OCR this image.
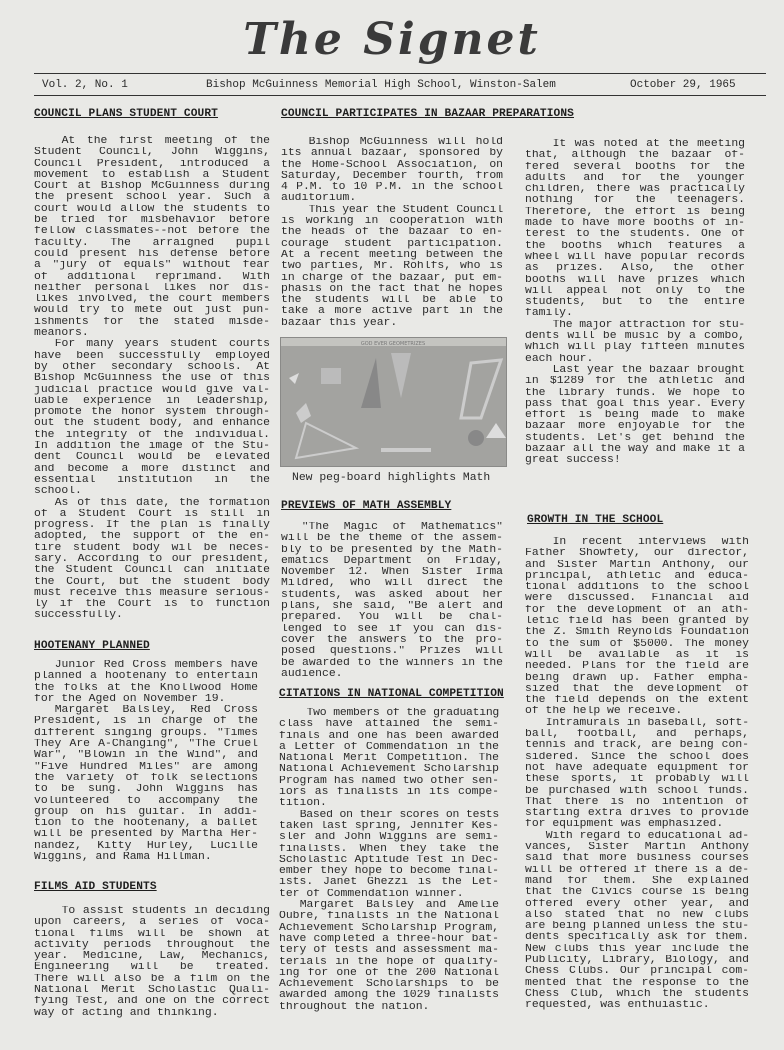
The Signet
Vol. 2, No. 1	Bishop McGuinness Memorial High School, Winston-Salem	October 29, 1965
COUNCIL PLANS STUDENT COURT
At the first meeting of the
Student Council, John Wiggins,
Council President, introduced a
movement to establish a Student
Court at Bishop McGuinness during
the present school year. Such a
court would allow the students to
be tried for misbehavior before
fellow classmates--not before the
faculty. The arraigned pupil
could present his defense before
a "jury of equals" without fear
of additional reprimand. With
neither personal likes nor dis-
likes involved, the court members
would try to mete out just pun-
ishments for the stated misde-
meanors.
For many years student courts
have been successfully employed
by other secondary schools. At
Bishop McGuinness the use of this
judicial practice would give val-
uable experience in leadership,
promote the honor system through-
out the student body, and enhance
the integrity of the individual.
In addition the image of the Stu-
dent Council would be elevated
and become a more distinct and
essential institution in the
school.
As of this date, the formation
of a Student Court is still in
progress. If the plan is finally
adopted, the support of the en-
tire student body wil be neces-
sary. According to our president,
the Student Council can initiate
the Court, but the student body
must receive this measure serious-
ly if the Court is to function
successfully.
HOOTENANY PLANNED
Junior Red Cross members have
planned a hootenany to entertain
the folks at the Knollwood Home
for the Aged on November 19.
Margaret Balsley, Red Cross
President, is in charge of the
different singing groups. "Times
They Are A-Changing", "The Cruel
War", "Blowin in the Wind", and
"Five Hundred Miles" are among
the variety of folk selections
to be sung. John Wiggins has
volunteered to accompany the
group on his guitar. In addi-
tion to the hootenany, a ballet
will be presented by Martha Her-
nandez, Kitty Hurley, Lucille
Wiggins, and Rama Hillman.
FILMS AID STUDENTS
To assist students in deciding
upon careers, a series of voca-
tional films will be shown at
activity periods throughout the
year. Medicine, Law, Mechanics,
Engineering will be treated.
There will also be a film on the
National Merit Scholastic Quali-
fying Test, and one on the correct
way of acting and thinking.
COUNCIL PARTICIPATES IN BAZAAR PREPARATIONS
Bishop McGuinness will hold
its annual bazaar, sponsored by
the Home-School Association, on
Saturday, December fourth, from
4 P.M. to 10 P.M. in the school
auditorium.
This year the Student Council
is working in cooperation with
the heads of the bazaar to en-
courage student participation.
At a recent meeting between the
two parties, Mr. Rohlfs, who is
in charge of the bazaar, put em-
phasis on the fact that he hopes
the students will be able to
take a more active part in the
bazaar this year.
GOD EVER GEOMETRIZES
New peg-board highlights Math
PREVIEWS OF MATH ASSEMBLY
"The Magic of Mathematics"
will be the theme of the assem-
bly to be presented by the Math-
ematics Department on Friday,
November 12. When Sister Irma
Mildred, who will direct the
students, was asked about her
plans, she said, "Be alert and
prepared. You will be chal-
lenged to see if you can dis-
cover the answers to the pro-
posed questions." Prizes will
be awarded to the winners in the
audience.
CITATIONS IN NATIONAL COMPETITION
Two members of the graduating
class have attained the semi-
finals and one has been awarded
a Letter of Commendation in the
National Merit Competition. The
National Achievement Scholarship
Program has named two other sen-
iors as finalists in its compe-
tition.
Based on their scores on tests
taken last spring, Jennifer Kes-
sler and John Wiggins are semi-
finalists. When they take the
Scholastic Aptitude Test in Dec-
ember they hope to become final-
ists. Janet Ghezzi is the Let-
ter of Commendation winner.
Margaret Balsley and Amelie
Oubre, finalists in the National
Achievement Scholarship Program,
have completed a three-hour bat-
tery of tests and assessment ma-
terials in the hope of qualify-
ing for one of the 200 National
Achievement Scholarships to be
awarded among the 1029 finalists
throughout the nation.
It was noted at the meeting
that, although the bazaar of-
fered several booths for the
adults and for the younger
children, there was practically
nothing for the teenagers.
Therefore, the effort is being
made to have more booths of in-
terest to the students. One of
the booths which features a
wheel will have popular records
as prizes. Also, the other
booths will have prizes which
will appeal not only to the
students, but to the entire
family.
The major attraction for stu-
dents will be music by a combo,
which will play fifteen minutes
each hour.
Last year the bazaar brought
in $1289 for the athletic and
the library funds. We hope to
pass that goal this year. Every
effort is being made to make
bazaar more enjoyable for the
students. Let's get behind the
bazaar all the way and make it a
great success!
GROWTH IN THE SCHOOL
In recent interviews with
Father Showfety, our director,
and Sister Martin Anthony, our
principal, athletic and educa-
tional additions to the school
were discussed. Financial aid
for the development of an ath-
letic field has been granted by
the Z. Smith Reynolds Foundation
to the sum of $5000. The money
will be available as it is
needed. Plans for the field are
being drawn up. Father empha-
sized that the development of
the field depends on the extent
of the help we receive.
Intramurals in baseball, soft-
ball, football, and perhaps,
tennis and track, are being con-
sidered. Since the school does
not have adequate equipment for
these sports, it probably will
be purchased with school funds.
That there is no intention of
starting extra drives to provide
for equipment was emphasized.
With regard to educational ad-
vances, Sister Martin Anthony
said that more business courses
will be offered if there is a de-
mand for them. She explained
that the Civics course is being
offered every other year, and
also stated that no new clubs
are being planned unless the stu-
dents specifically ask for them.
New clubs this year include the
Publicity, Library, Biology, and
Chess Clubs. Our principal com-
mented that the response to the
Chess Club, which the students
requested, was enthuiastic.
